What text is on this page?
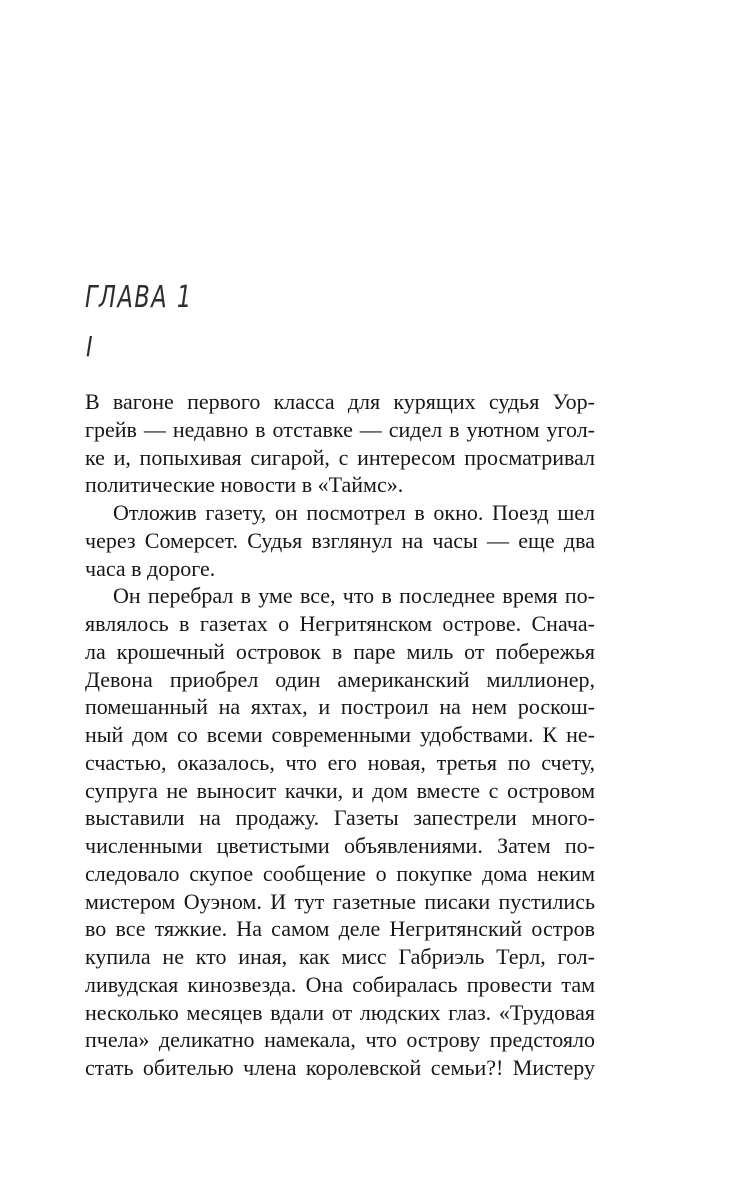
ГЛАВА 1
I
В вагоне первого класса для курящих судья Уор-
грейв — недавно в отставке — сидел в уютном угол-
ке и, попыхивая сигарой, с интересом просматривал
политические новости в «Таймс».
Отложив газету, он посмотрел в окно. Поезд шел
через Сомерсет. Судья взглянул на часы — еще два
часа в дороге.
Он перебрал в уме все, что в последнее время по-
являлось в газетах о Негритянском острове. Снача-
ла крошечный островок в паре миль от побережья
Девона приобрел один американский миллионер,
помешанный на яхтах, и построил на нем роскош-
ный дом со всеми современными удобствами. К не-
счастью, оказалось, что его новая, третья по счету,
супруга не выносит качки, и дом вместе с островом
выставили на продажу. Газеты запестрели много-
численными цветистыми объявлениями. Затем по-
следовало скупое сообщение о покупке дома неким
мистером Оуэном. И тут газетные писаки пустились
во все тяжкие. На самом деле Негритянский остров
купила не кто иная, как мисс Габриэль Терл, гол-
ливудская кинозвезда. Она собиралась провести там
несколько месяцев вдали от людских глаз. «Трудовая
пчела» деликатно намекала, что острову предстояло
стать обителью члена королевской семьи?! Мистеру
